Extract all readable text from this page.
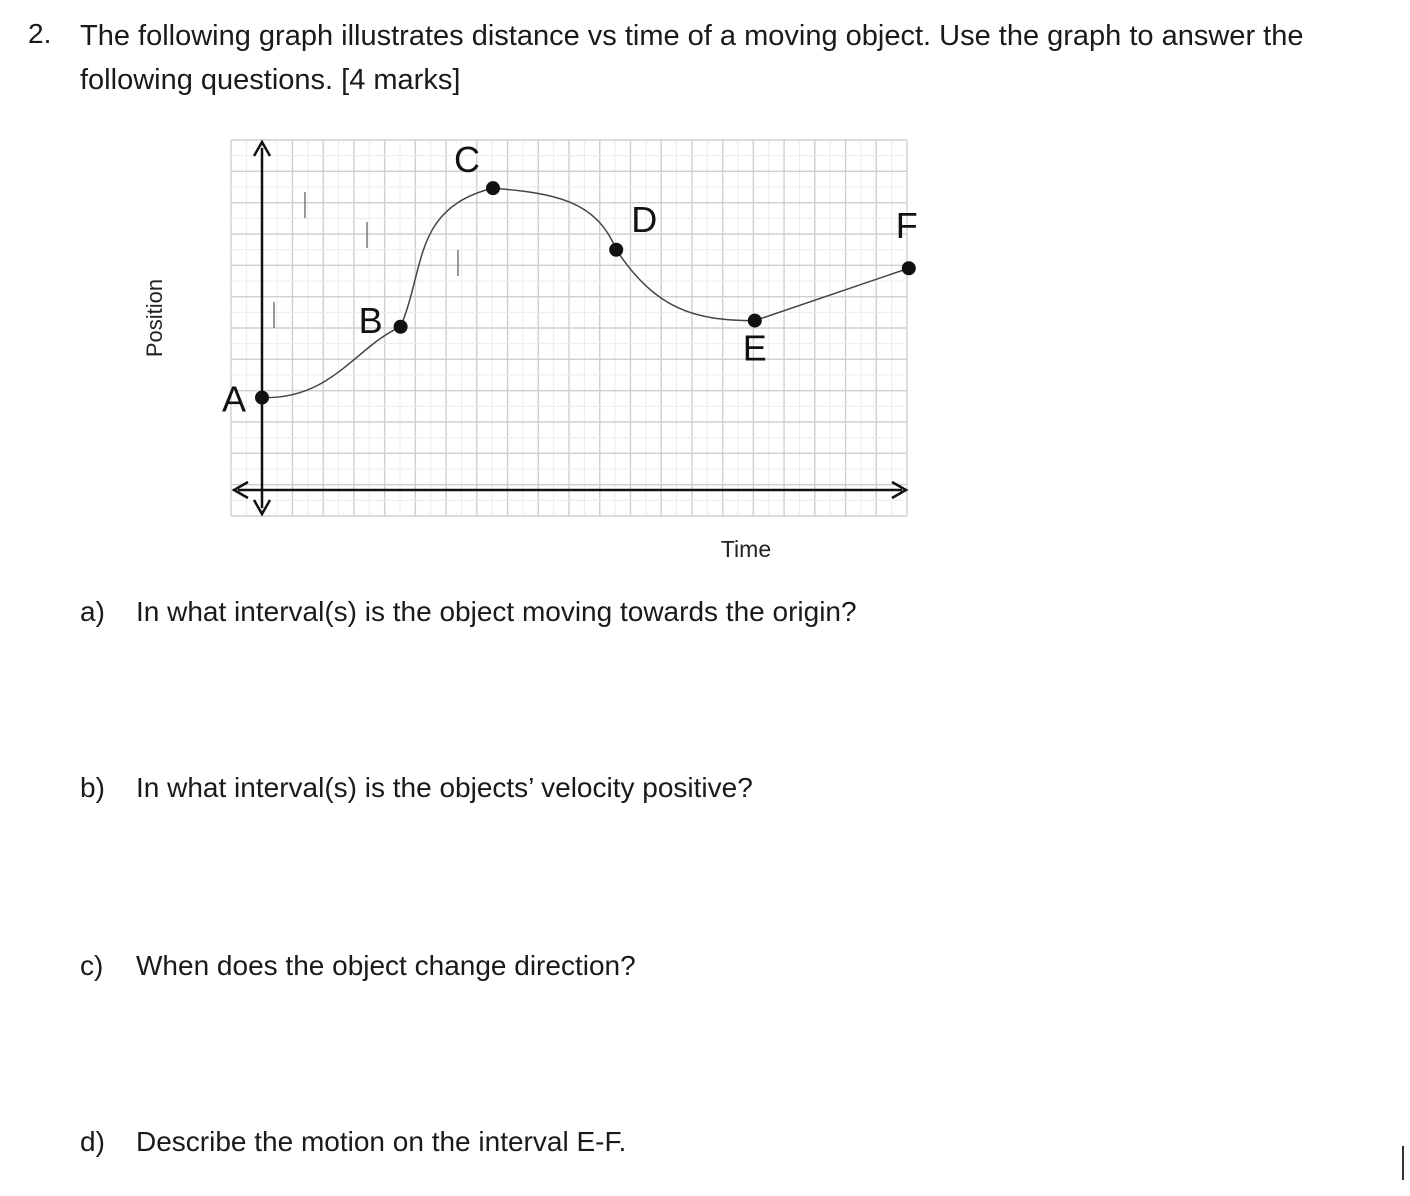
2. The following graph illustrates distance vs time of a moving object. Use the graph to answer the following questions. [4 marks]
A
B
C
D
E
F
Position
Time
a) In what interval(s) is the object moving towards the origin?
b) In what interval(s) is the objects’ velocity positive?
c) When does the object change direction?
d) Describe the motion on the interval E-F.
